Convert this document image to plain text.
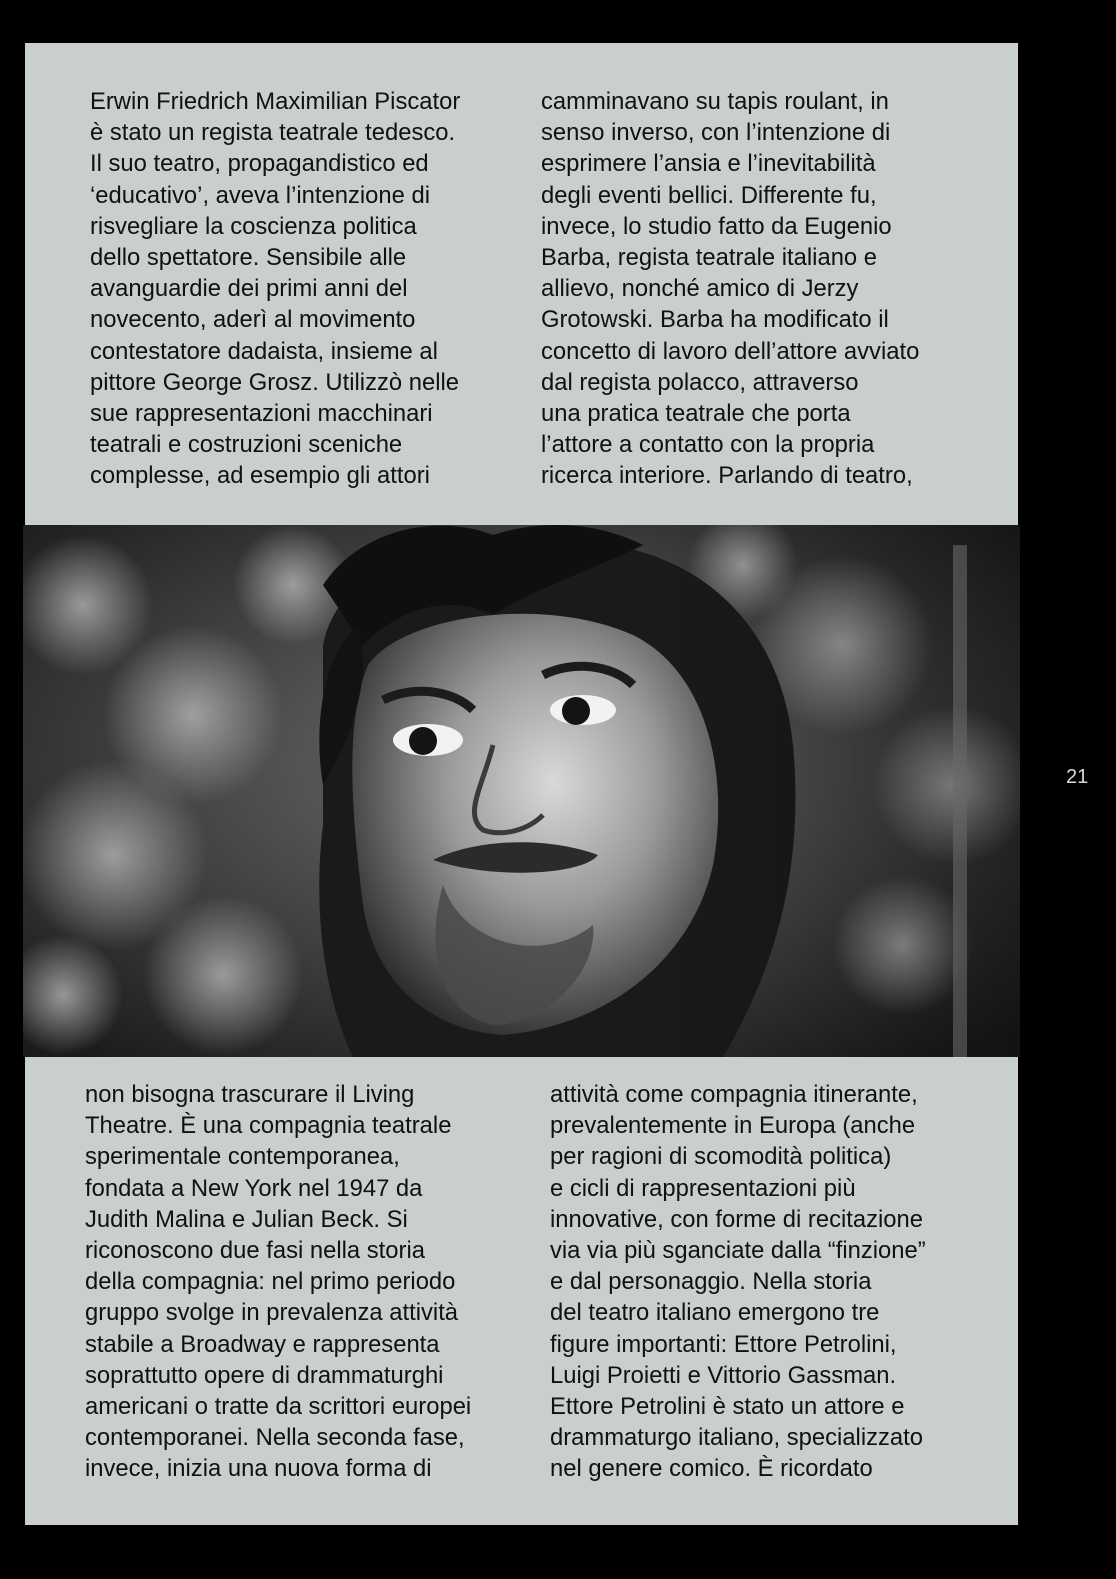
Erwin Friedrich Maximilian Piscator
è stato un regista teatrale tedesco.
Il suo teatro, propagandistico ed
‘educativo’, aveva l’intenzione di
risvegliare la coscienza politica
dello spettatore. Sensibile alle
avanguardie dei primi anni del
novecento, aderì al movimento
contestatore dadaista, insieme al
pittore George Grosz. Utilizzò nelle
sue rappresentazioni macchinari
teatrali e costruzioni sceniche
complesse, ad esempio gli attori

camminavano su tapis roulant, in
senso inverso, con l’intenzione di
esprimere l’ansia e l’inevitabilità
degli eventi bellici. Differente fu,
invece, lo studio fatto da Eugenio
Barba, regista teatrale italiano e
allievo, nonché amico di Jerzy
Grotowski. Barba ha modificato il
concetto di lavoro dell’attore avviato
dal regista polacco, attraverso
una pratica teatrale che porta
l’attore a contatto con la propria
ricerca interiore. Parlando di teatro,

non bisogna trascurare il Living
Theatre. È una compagnia teatrale
sperimentale contemporanea,
fondata a New York nel 1947 da
Judith Malina e Julian Beck. Si
riconoscono due fasi nella storia
della compagnia: nel primo periodo
gruppo svolge in prevalenza attività
stabile a Broadway e rappresenta
soprattutto opere di drammaturghi
americani o tratte da scrittori europei
contemporanei. Nella seconda fase,
invece, inizia una nuova forma di

attività come compagnia itinerante,
prevalentemente in Europa (anche
per ragioni di scomodità politica)
e cicli di rappresentazioni più
innovative, con forme di recitazione
via via più sganciate dalla “finzione”
e dal personaggio. Nella storia
del teatro italiano emergono tre
figure importanti: Ettore Petrolini,
Luigi Proietti e Vittorio Gassman.
Ettore Petrolini è stato un attore e
drammaturgo italiano, specializzato
nel genere comico. È ricordato

21
